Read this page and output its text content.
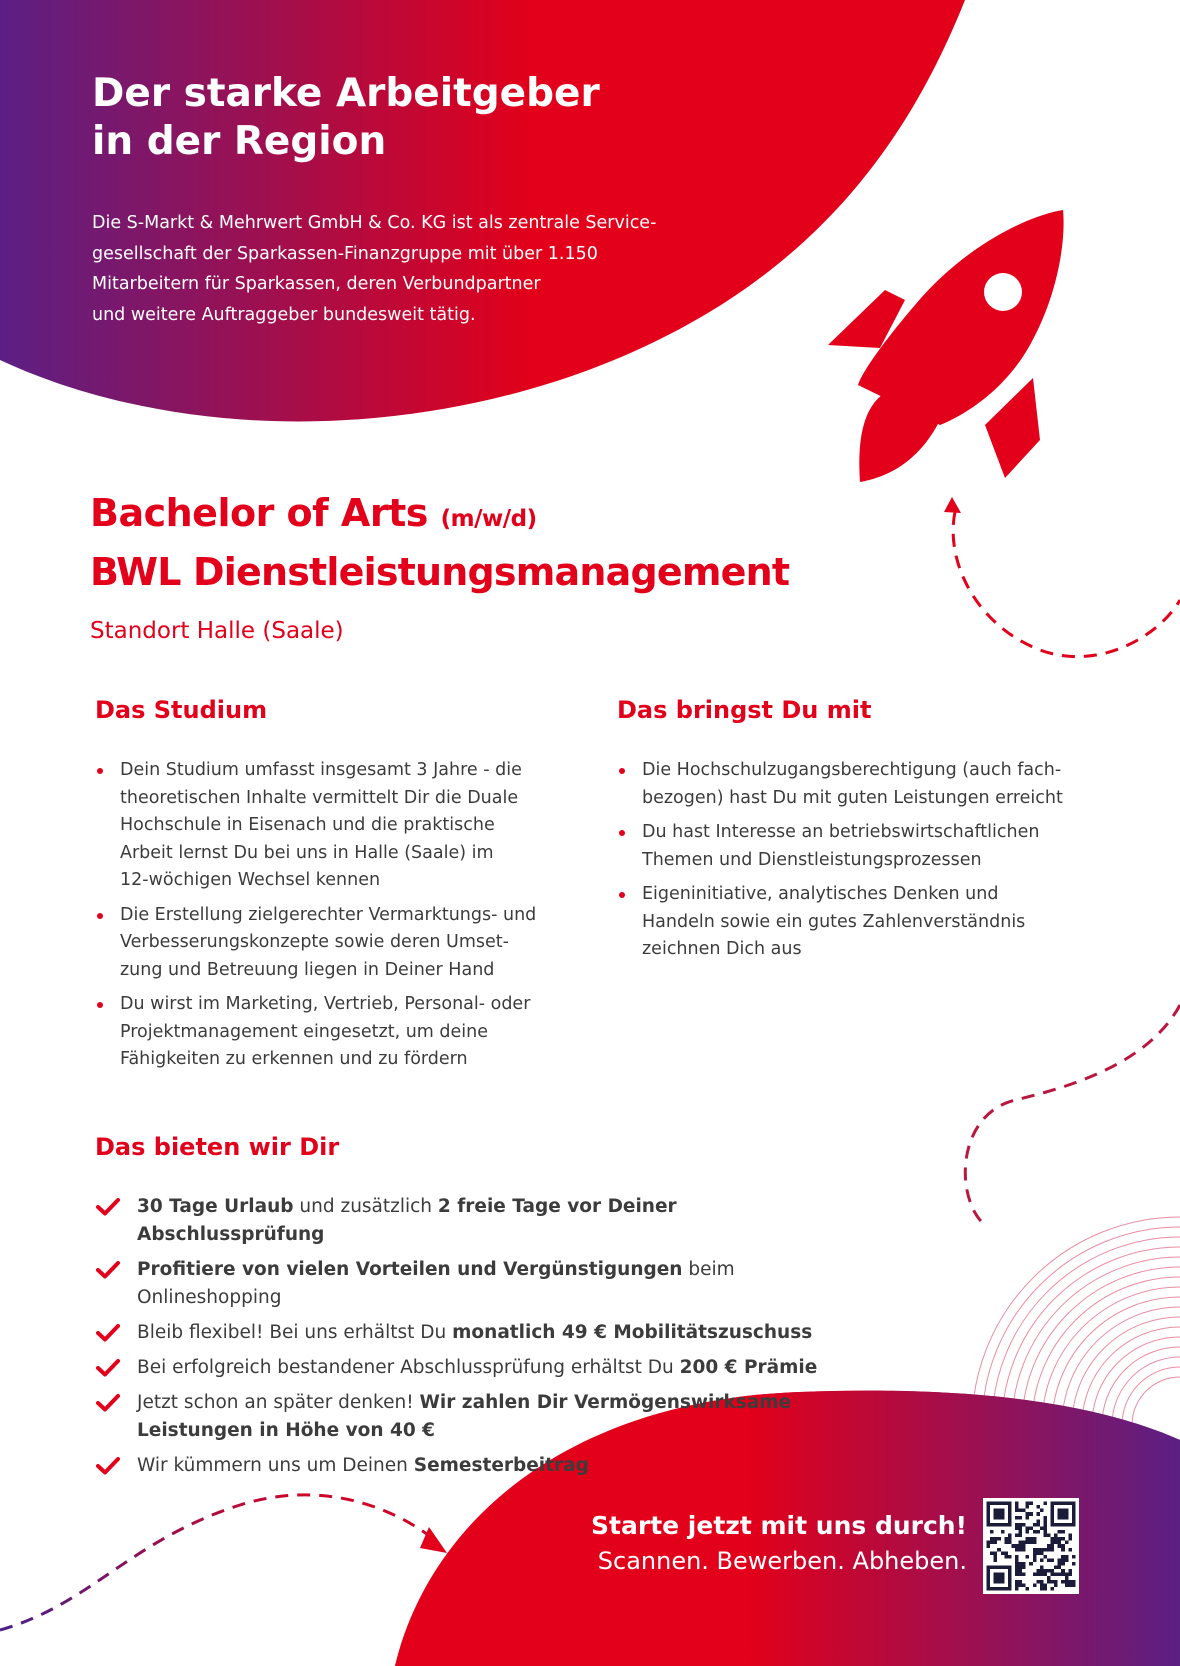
Der starke Arbeitgeber
in der Region

Die S-Markt & Mehrwert GmbH & Co. KG ist als zentrale Service-
gesellschaft der Sparkassen-Finanzgruppe mit über 1.150
Mitarbeitern für Sparkassen, deren Verbundpartner
und weitere Auftraggeber bundesweit tätig.

Bachelor of Arts (m/w/d)
BWL Dienstleistungsmanagement
Standort Halle (Saale)
Das Studium
Dein Studium umfasst insgesamt 3 Jahre - die
theoretischen Inhalte vermittelt Dir die Duale
Hochschule in Eisenach und die praktische
Arbeit lernst Du bei uns in Halle (Saale) im
12-wöchigen Wechsel kennen
Die Erstellung zielgerechter Vermarktungs- und
Verbesserungskonzepte sowie deren Umset-
zung und Betreuung liegen in Deiner Hand
Du wirst im Marketing, Vertrieb, Personal- oder
Projektmanagement eingesetzt, um deine
Fähigkeiten zu erkennen und zu fördern
Das bringst Du mit
Die Hochschulzugangsberechtigung (auch fach-
bezogen) hast Du mit guten Leistungen erreicht
Du hast Interesse an betriebswirtschaftlichen
Themen und Dienstleistungsprozessen
Eigeninitiative, analytisches Denken und
Handeln sowie ein gutes Zahlenverständnis
zeichnen Dich aus
Das bieten wir Dir
30 Tage Urlaub und zusätzlich 2 freie Tage vor Deiner Abschlussprüfung
Profitiere von vielen Vorteilen und Vergünstigungen beim Onlineshopping
Bleib flexibel! Bei uns erhältst Du monatlich 49 € Mobilitätszuschuss
Bei erfolgreich bestandener Abschlussprüfung erhältst Du 200 € Prämie
Jetzt schon an später denken! Wir zahlen Dir Vermögenswirksame
Leistungen in Höhe von 40 €
Wir kümmern uns um Deinen Semesterbeitrag
Starte jetzt mit uns durch!
Scannen. Bewerben. Abheben.
